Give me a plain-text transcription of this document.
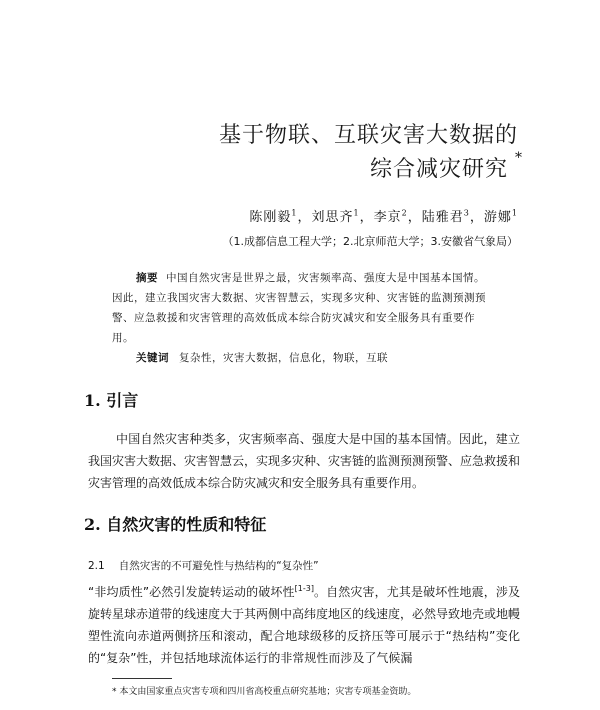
基于物联、互联灾害大数据的
综合减灾研究 *
陈刚毅$^1$，刘思齐$^1$，李京$^2$，陆雅君$^3$，游娜$^1$
（1.成都信息工程大学；2.北京师范大学；3.安徽省气象局）
摘要 中国自然灾害是世界之最，灾害频率高、强度大是中国基本国情。因此，建立我国灾害大数据、灾害智慧云，实现多灾种、灾害链的监测预测预警、应急救援和灾害管理的高效低成本综合防灾减灾和安全服务具有重要作用。
关键词 复杂性，灾害大数据，信息化，物联，互联
1. 引言
中国自然灾害种类多，灾害频率高、强度大是中国的基本国情。因此，建立我国灾害大数据、灾害智慧云，实现多灾种、灾害链的监测预测预警、应急救援和灾害管理的高效低成本综合防灾减灾和安全服务具有重要作用。
2. 自然灾害的性质和特征
2.1 自然灾害的不可避免性与热结构的“复杂性”
“非均质性”必然引发旋转运动的破坏性[1-3]。自然灾害，尤其是破坏性地震，涉及旋转星球赤道带的线速度大于其两侧中高纬度地区的线速度，必然导致地壳或地幔塑性流向赤道两侧挤压和滚动，配合地球级移的反挤压等可展示于“热结构”变化的“复杂”性，并包括地球流体运行的非常规性而涉及了气候漏
* 本文由国家重点灾害专项和四川省高校重点研究基地；灾害专项基金资助。
